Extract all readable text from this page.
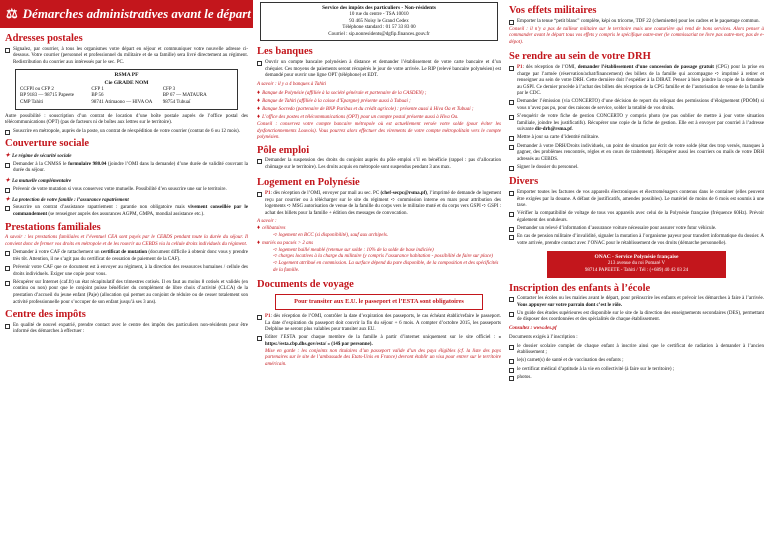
⚖ Démarches administratives avant le départ
Adresses postales
Signalez, par courrier, à tous les organismes votre départ en séjour et communiquer votre nouvelle adresse ci-dessous. Votre courrier (personnel et professionnel du militaire et de sa famille) sera livré directement au régiment. Redistribution du courrier aux intéressés par le sec. PC.
RSMA PF
Cie GRADE NOM
CCFPI ou CFP 2	CFP 1	CFP 3
BP 9183 — 98715 Papeete	BP 56	BP 67 — MATAURA
CMP Tahiti	98741 Atimaono — HIVA OA	98754 Tubuaï

Autre possibilité : souscription d’un contrat de location d’une boîte postale auprès de l’office postal des télécommunications (OPT) (pas de facteurs ni de boîtes aux lettres sur le territoire).

Souscrire en métropole, auprès de la poste, un contrat de réexpédition de votre courrier (contrat de 6 ou 12 mois).
Couverture sociale
✦ Le régime de sécurité sociale
Demander à la CNMSS le formulaire 980.04 (joindre l’OMI dans la demande) d’une durée de validité couvrant la durée du séjour.
✦ La mutuelle complémentaire
Prévenir de votre mutation si vous conservez votre mutuelle. Possibilité d’en souscrire une sur le territoire.
✦ La protection de votre famille : l’assurance rapatriement
Souscrire un contrat d’assistance rapatriement : garantie non obligatoire mais vivement conseillée par le commandement (se renseigner auprès des assurances AGPM, GMPA, mondial assistance etc.).
Prestations familiales

A savoir : les prestations familiales et l’éventuel CEA sont payés par le CEBDS pendant toute la durée du séjour. Il convient donc de fermer vos droits en métropole et de les rouvrir au CEBDS via la cellule droits individuels du régiment.

Demander à votre CAF de rattachement un certificat de mutation (document difficile à obtenir donc vous y prendre très tôt. Attention, il ne s’agit pas du certificat de cessation de paiement de la CAF).
Prévenir votre CAF que ce document est à envoyer au régiment, à la direction des ressources humaines / cellule des droits individuels. Exiger une copie pour vous.
Récupérer sur Internet (caf.fr) un état récapitulatif des trimestres cotisés. Il en faut au moins 8 cotisés et validés (en continu ou non) pour que le conjoint puisse bénéficier du complément de libre choix d’activité (CLCA) de la prestation d’accueil du jeune enfant (Paje) (allocation qui permet au conjoint de réduire ou de cesser totalement son activité professionnelle pour s’occuper de son enfant jusqu’à ses 3 ans).
Centre des impôts
En qualité de nouvel expatrié, prendre contact avec le centre des impôts des particuliers non-résidents pour être informé des démarches à effectuer :
Service des impôts des particuliers - Non-résidents
10 rue du centre - TSA 10010
93 465 Noisy le Grand Cedex
Téléphone standard : 01 57 33 83 00
Courriel : sip.nonresidents@dgfip.finances.gouv.fr
Les banques
Ouvrir un compte bancaire polynésien à distance et demander l’établissement de votre carte bancaire et d’un chéquier. Ces moyens de paiements seront récupérés le jour de votre arrivée. Le RIP (relevé bancaire polynésien) est demandé pour ouvrir une ligne OPT (téléphone) et EDT.

A savoir : il y a 4 banques à Tahiti

♦ Banque de Polynésie (affiliée à la société générale et partenaire de la CASDEN) ;
♦ Banque de Tahiti (affiliée à la caisse d’Epargne) présente aussi à Tubuai ;
♦ Banque Socredo (partenaire de BNP Paribas et du crédit agricole) : présente aussi à Hiva Oa et Tubuai ;
♦ L’office des postes et télécommunications (OPT) pour un compte postal présente aussi à Hiva Oa.

Conseil : conservez votre compte bancaire métropole où est actuellement versée votre solde (pour éviter les dysfonctionnements Louvois). Vous pourrez alors effectuer des virements de votre compte métropolitain vers le compte polynésien.

Pôle emploi
Demander la suspension des droits du conjoint auprès du pôle emploi s’il en bénéficie (rappel : pas d’allocation chômage sur le territoire). Les droits acquis en métropole sont suspendus pendant 3 ans max.
Logement en Polynésie
P1: dès réception de l’OMI, envoyer par mail au sec. PC (chef-secpc@rsma.pf), l’imprimé de demande de logement reçu par courrier ou à télécharger sur le site du régiment ➪ commission interne en mars pour attribution des logements ➪ MSG autorisation de venue de la famille du corps vers le militaire muté et du corps vers GSPI ➪ GSPI : achat des billets pour la famille + édition des messages de convocation.
A savoir :
♦ célibataires
➪ logement en BCC (si disponibilité), sauf aux archipels.
♦ mariés ou pacsés > 2 ans
➪ logement baillé meublé (retenue sur solde : 10% de la solde de base indiciée)
➪ charges locatives à la charge du militaire (y compris l’assurance habitation - possibilité de faire sur place)
➪ Logement attribué en commission. La surface dépend du pare disponible, de la composition et des spécificités de la famille.
Documents de voyage
Pour transiter aux E.U. le passeport et l’ESTA sont obligatoires
P1: dès réception de l’OMI, contrôler la date d’expiration des passeports, le cas échéant établir/refaire le passeport. La date d’expiration du passeport doit couvrir la fin du séjour + 6 mois. A compter d’octobre 2015, les passeports Delphine ne seront plus valables pour transiter aux EU.
Editer l’ESTA pour chaque membre de la famille à partir d’internet uniquement sur le site officiel : « https://esta.cbp.dhs.gov/esta/ » (14$ par personne).
Mise en garde : les conjoints non titulaires d’un passeport valide d’un des pays éligibles (cf. la liste des pays partenaires sur le site de l’ambassade des Etats-Unis en France) devront établir un visa pour entrer sur le territoire américain.
Vos effets militaires
Emporter la tenue “petit blanc” complète, képi ou tricorne, TDF 22 (chemisette) pour les cadres et le paquetage commun.

Conseil : il n’y a pas de tailleur militaire sur le territoire mais une couturière qui rend de bons services. Alors penser à commander avant le départ tous vos effets y compris le spécifique outre-mer (le commissariat ne livre pas outre-mer, pas de e-dépot).

Se rendre au sein de votre DRH
P1: dès réception de l’OMI, demander l’établissement d’une concession de passage gratuit (CPG) pour la prise en charge par l’armée (réservation/achat/financement) des billets de la famille qui accompagne ➪ imprimé à retirer et renseigner au sein de votre DRH. Cette dernière doit l’expédier à la DIRAT. Penser à bien joindre la copie de la demande au GSPI. Ce dernier procède à l’achat des billets dès réception de la CPG famille et de l’autorisation de venue de la famille par le CDC.
Demander l’émission (via CONCERTO) d’une décision de report du reliquat des permissions d’éloignement (PDOM) si vous n’avez pas pu, pour des raisons de service, solder la totalité de vos droits.
S’enquérir de votre fiche de gestion CONCERTO y compris photo (ne pas oublier de mettre à jour votre situation familiale, joindre les justificatifs). Récupérer une copie de la fiche de gestion. Elle est à envoyer par courriel à l’adresse suivante dir-drh@rsma.pf.
Mettre à jour sa carte d’identité militaire.
Demander à votre DRH/Droits individuels, un point de situation par écrit de votre solde (état des trop versés, manques à gagner, des problèmes rencontrés, régles et en cours de traitement). Récupérer aussi les courriers ou mails de votre DRH adressés au CEBDS.
Signer le dossier du personnel.
Divers
Emporter toutes les factures de vos appareils électroniques et électroménagers contenus dans le container (elles peuvent être exigées par la douane. A défaut de justificatifs, amendes possibles). Le matériel de moins de 6 mois est soumis à une taxe.
Vérifier la compatibilité de voltage de tous vos appareils avec celui de la Polynésie française (fréquence 60Hz). Prévoir également des onduleurs.
Demander un relevé d’information d’assurance voiture nécessaire pour assurer votre futur véhicule.
En cas de pension militaire d’invalidité, signaler la mutation à l’organisme payeur pour transfert informatique du dossier. A votre arrivée, prendre contact avec l’ONAC pour le rétablissement de vos droits (démarche personnelle).
ONAC - Service Polynésie française
213 avenue du roi Pomaré V
98714 PAPEETE - Tahiti / Tél : (+689) 40 42 03 24
Inscription des enfants à l’école
Contacter les écoles ou les mairies avant le départ, pour préinscrire les enfants et prévoir les démarches à faire à l’arrivée. Vous appuyer sur votre parrain dont c’est le rôle.
Un guide des études supérieures est disponible sur le site de la direction des enseignements secondaires (DES), permettant de disposer des coordonnées et des spécialités de chaque établissement.

Consultez : www.des.pf

Documents exigés à l’inscription :

le dossier scolaire complet de chaque enfant à inscrire ainsi que le certificat de radiation à demander à l’ancien établissement ;
le(s) carnet(s) de santé et de vaccination des enfants ;
le certificat médical d’aptitude à la vie en collectivité (à faire sur le territoire) ;
photos.
